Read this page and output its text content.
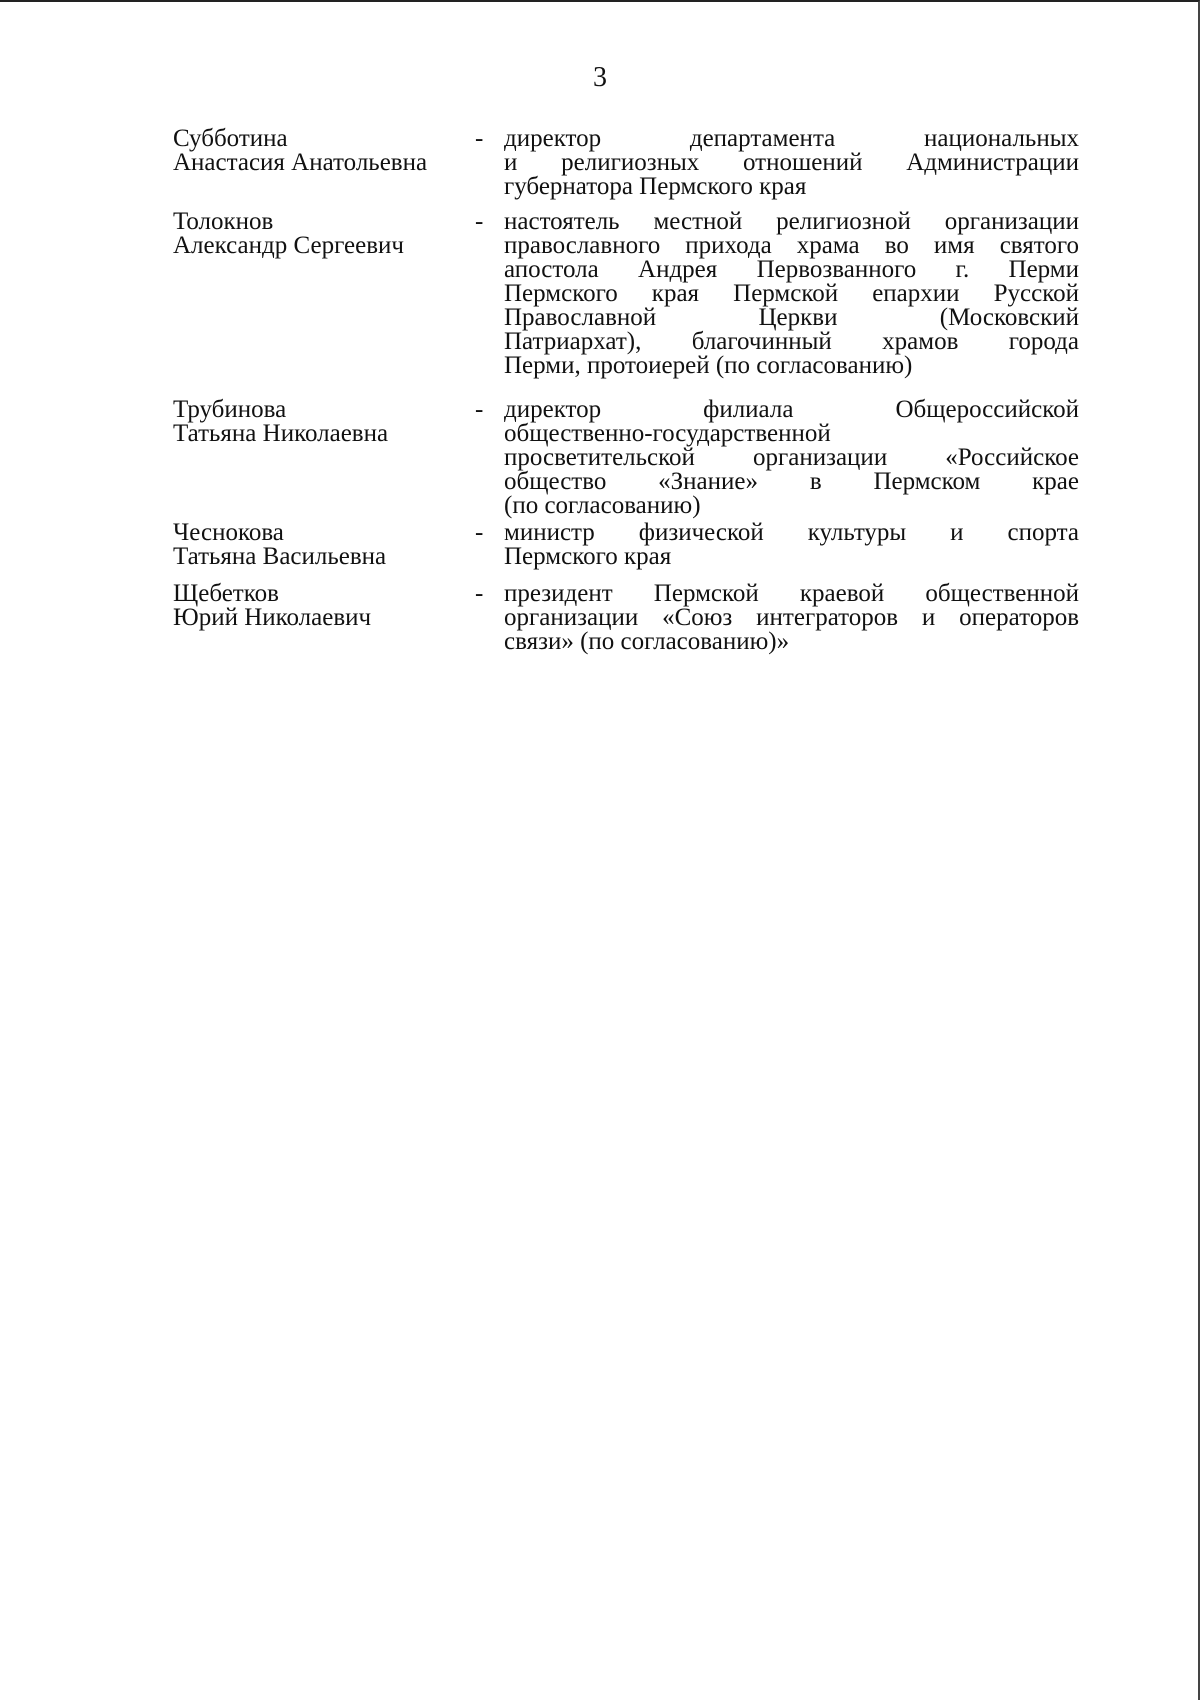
3
Субботина
Анастасия Анатольевна
- директор департамента национальных
и религиозных отношений Администрации
губернатора Пермского края
Толокнов
Александр Сергеевич
- настоятель местной религиозной организации
православного прихода храма во имя святого
апостола Андрея Первозванного г. Перми
Пермского края Пермской епархии Русской
Православной Церкви (Московский
Патриархат), благочинный храмов города
Перми, протоиерей (по согласованию)
Трубинова
Татьяна Николаевна
- директор филиала Общероссийской
общественно-государственной
просветительской организации «Российское
общество «Знание» в Пермском крае
(по согласованию)
Чеснокова
Татьяна Васильевна
- министр физической культуры и спорта
Пермского края
Щебетков
Юрий Николаевич
- президент Пермской краевой общественной
организации «Союз интеграторов и операторов
связи» (по согласованию)»
